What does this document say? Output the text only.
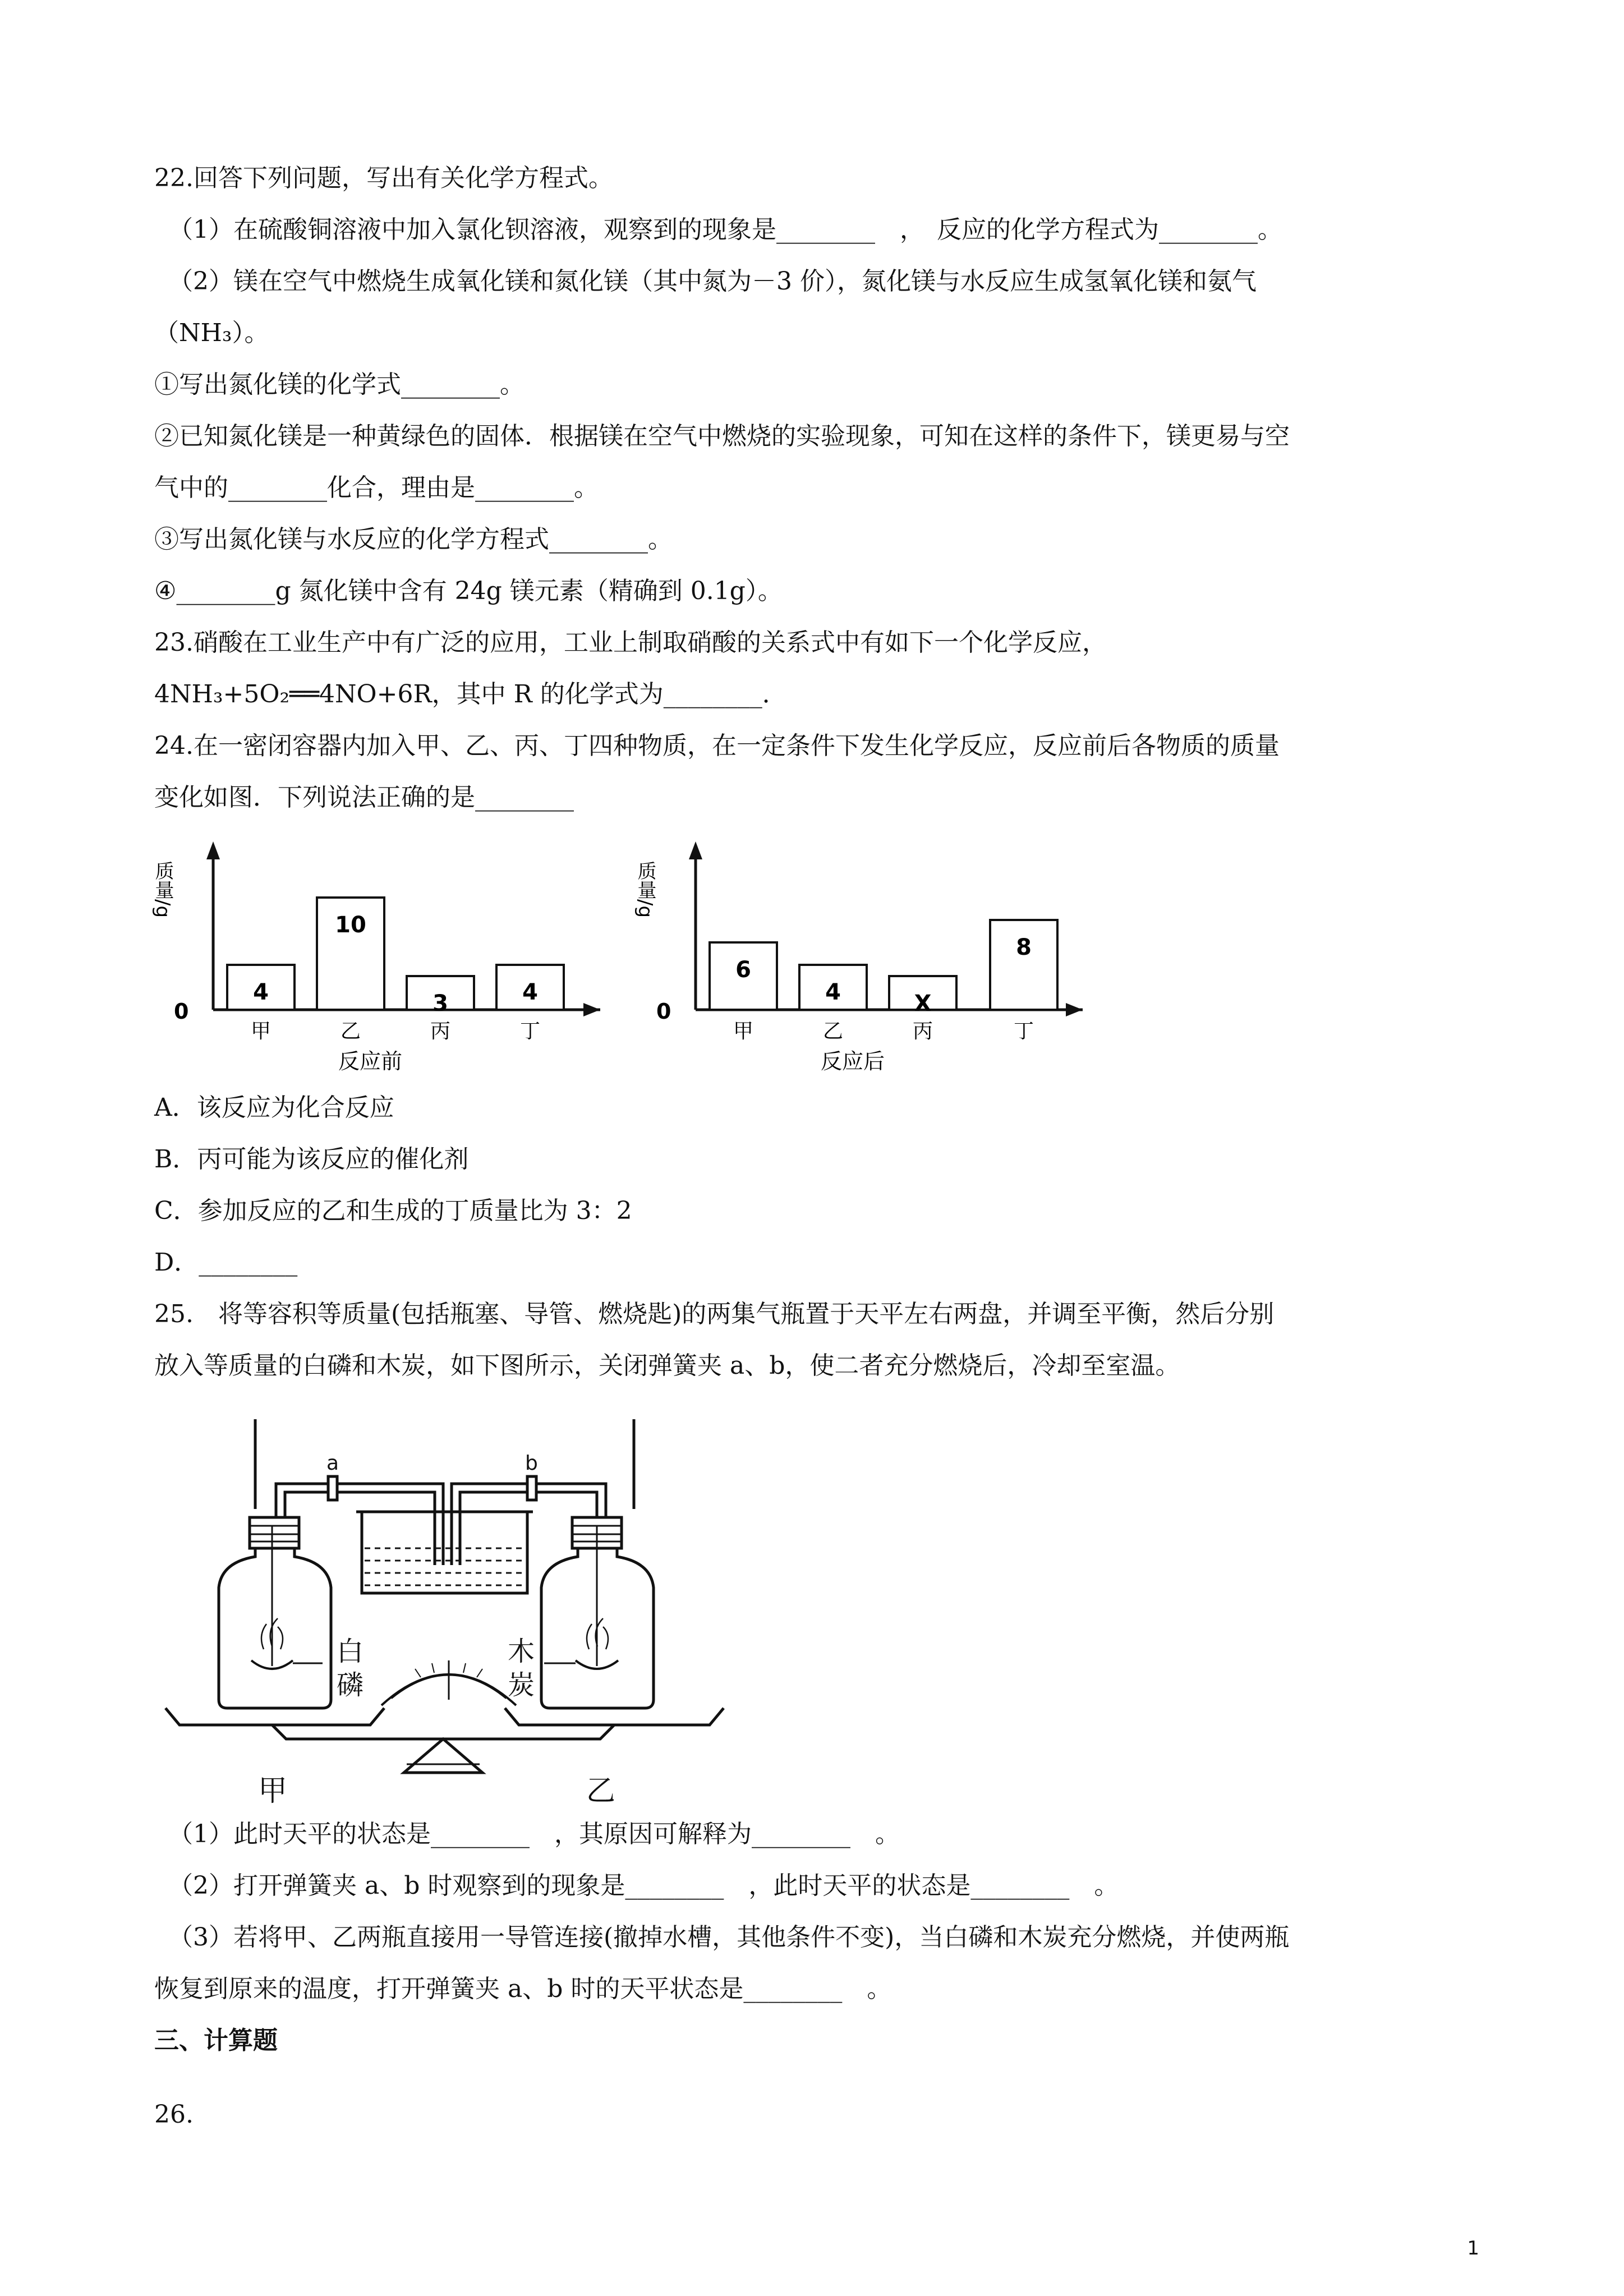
22.回答下列问题，写出有关化学方程式。
（1）在硫酸铜溶液中加入氯化钡溶液，观察到的现象是________　，　反应的化学方程式为________。
（2）镁在空气中燃烧生成氧化镁和氮化镁（其中氮为－3 价），氮化镁与水反应生成氢氧化镁和氨气
（NH₃）。
①写出氮化镁的化学式________。
②已知氮化镁是一种黄绿色的固体．根据镁在空气中燃烧的实验现象，可知在这样的条件下，镁更易与空
气中的________化合，理由是________。
③写出氮化镁与水反应的化学方程式________。
④________g 氮化镁中含有 24g 镁元素（精确到 0.1g）。
23.硝酸在工业生产中有广泛的应用，工业上制取硝酸的关系式中有如下一个化学反应，
4NH₃+5O₂══4NO+6R，其中 R 的化学式为________．
24.在一密闭容器内加入甲、乙、丙、丁四种物质，在一定条件下发生化学反应，反应前后各物质的质量
变化如图．下列说法正确的是________
0
质量/g
4
甲
10
乙
3
丙
4
丁
反应前
0
质量/g
6
甲
4
乙
X
丙
8
丁
反应后
A．该反应为化合反应
B．丙可能为该反应的催化剂
C．参加反应的乙和生成的丁质量比为 3：2
D．________
25.　将等容积等质量(包括瓶塞、导管、燃烧匙)的两集气瓶置于天平左右两盘，并调至平衡，然后分别
放入等质量的白磷和木炭，如下图所示，关闭弹簧夹 a、b，使二者充分燃烧后，冷却至室温。
a	b
白 磷
木 炭
甲	乙
（1）此时天平的状态是________　，其原因可解释为________　。
（2）打开弹簧夹 a、b 时观察到的现象是________　，此时天平的状态是________　。
（3）若将甲、乙两瓶直接用一导管连接(撤掉水槽，其他条件不变)，当白磷和木炭充分燃烧，并使两瓶
恢复到原来的温度，打开弹簧夹 a、b 时的天平状态是________　。
三、计算题
26.
1
